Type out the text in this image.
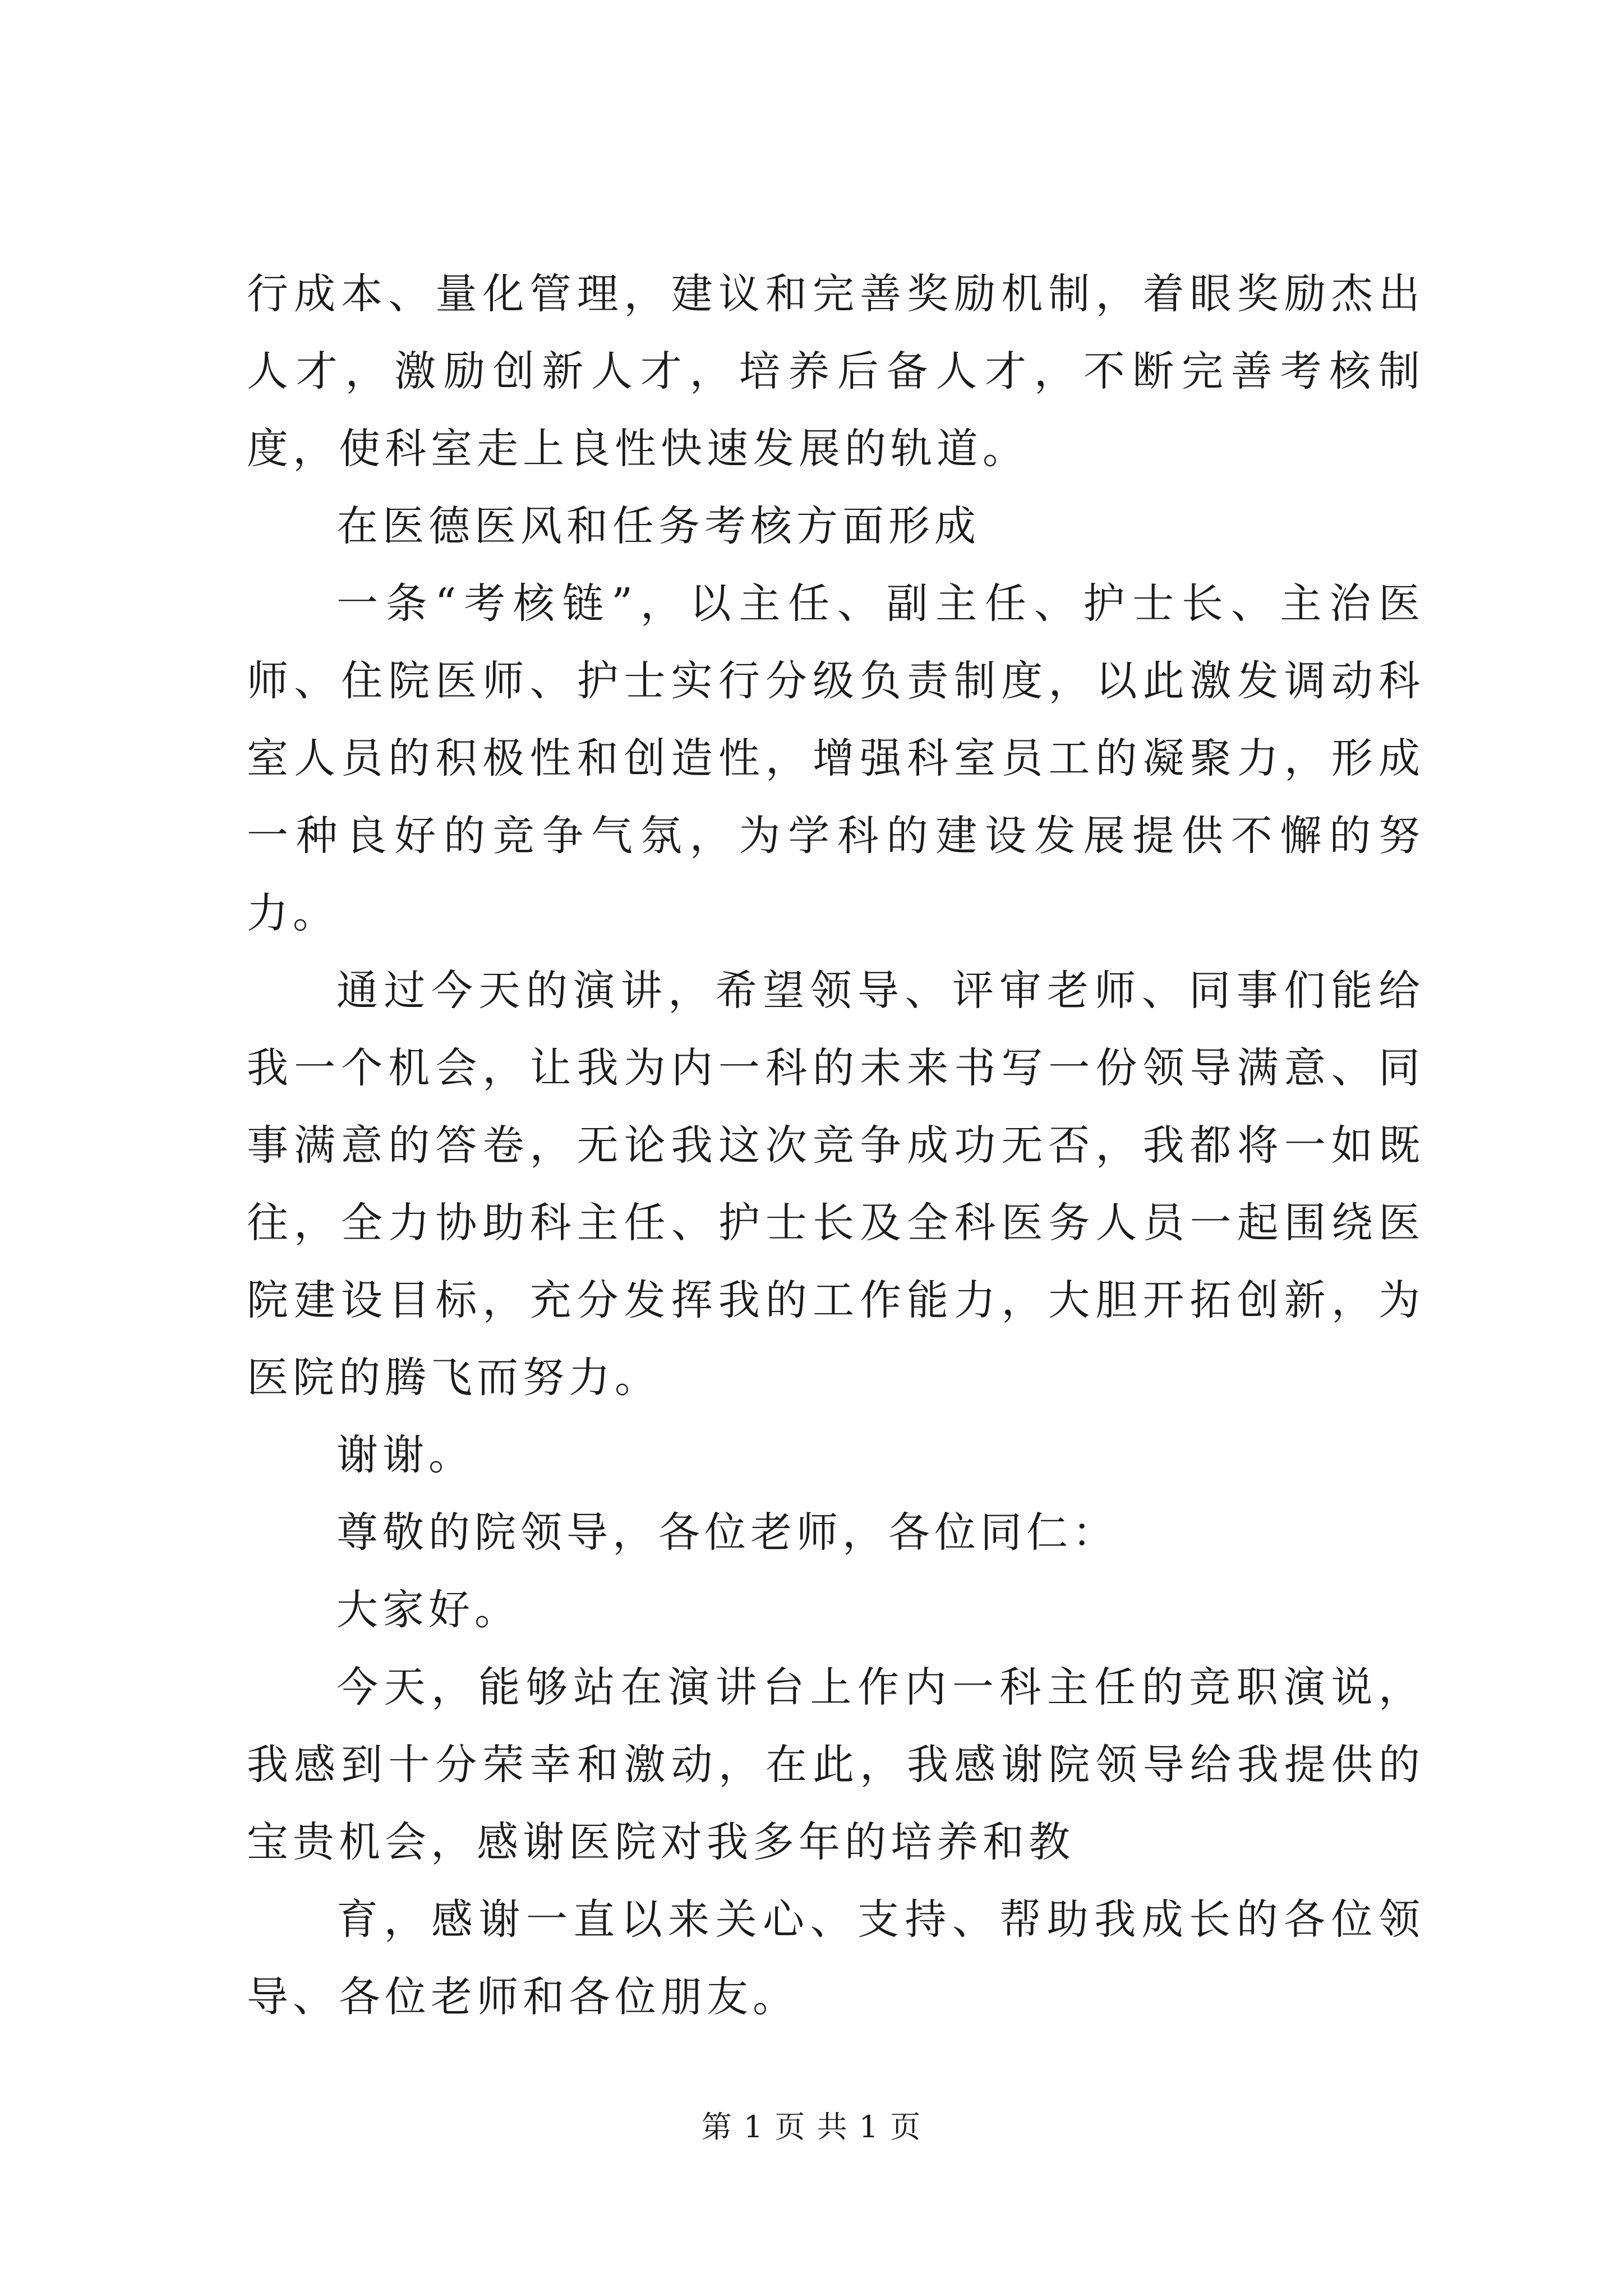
行成本、量化管理，建议和完善奖励机制，着眼奖励杰出人才，激励创新人才，培养后备人才，不断完善考核制度，使科室走上良性快速发展的轨道。

在医德医风和任务考核方面形成

一条“考核链”，以主任、副主任、护士长、主治医师、住院医师、护士实行分级负责制度，以此激发调动科室人员的积极性和创造性，增强科室员工的凝聚力，形成一种良好的竞争气氛，为学科的建设发展提供不懈的努力。

通过今天的演讲，希望领导、评审老师、同事们能给我一个机会，让我为内一科的未来书写一份领导满意、同事满意的答卷，无论我这次竞争成功无否，我都将一如既往，全力协助科主任、护士长及全科医务人员一起围绕医院建设目标，充分发挥我的工作能力，大胆开拓创新，为医院的腾飞而努力。

谢谢。

尊敬的院领导，各位老师，各位同仁：

大家好。

今天，能够站在演讲台上作内一科主任的竞职演说，我感到十分荣幸和激动，在此，我感谢院领导给我提供的宝贵机会，感谢医院对我多年的培养和教

育，感谢一直以来关心、支持、帮助我成长的各位领导、各位老师和各位朋友。

第 1 页 共 1 页
